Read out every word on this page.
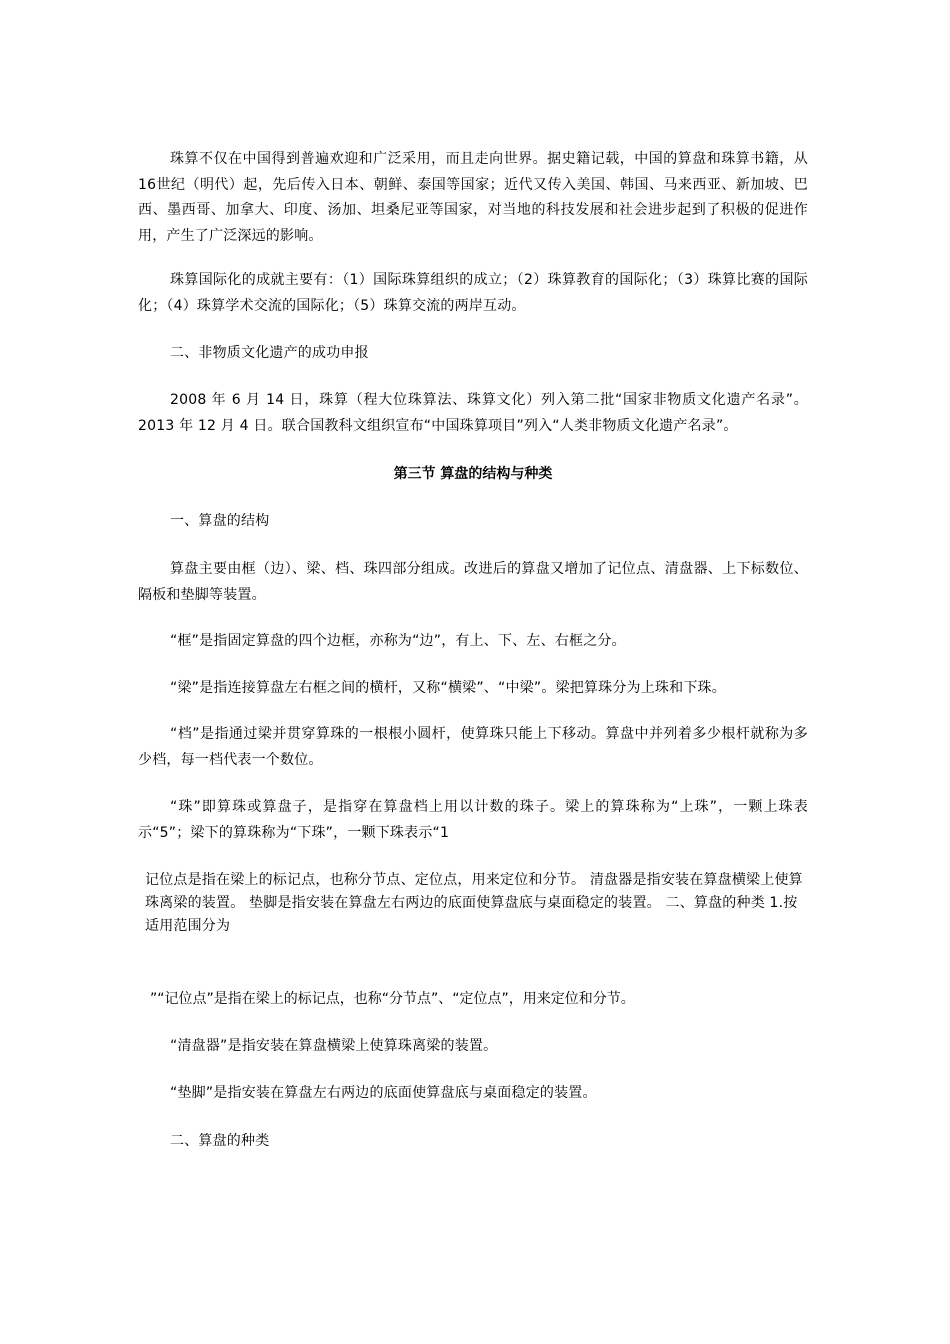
珠算不仅在中国得到普遍欢迎和广泛采用，而且走向世界。据史籍记载，中国的算盘和珠算书籍，从16世纪（明代）起，先后传入日本、朝鲜、泰国等国家；近代又传入美国、韩国、马来西亚、新加坡、巴西、墨西哥、加拿大、印度、汤加、坦桑尼亚等国家，对当地的科技发展和社会进步起到了积极的促进作用，产生了广泛深远的影响。
珠算国际化的成就主要有：（1）国际珠算组织的成立；（2）珠算教育的国际化；（3）珠算比赛的国际化；（4）珠算学术交流的国际化；（5）珠算交流的两岸互动。
二、非物质文化遗产的成功申报
2008 年 6 月 14 日，珠算（程大位珠算法、珠算文化）列入第二批“国家非物质文化遗产名录”。2013 年 12 月 4 日。联合国教科文组织宣布“中国珠算项目”列入“人类非物质文化遗产名录”。
第三节 算盘的结构与种类
一、算盘的结构
算盘主要由框（边）、梁、档、珠四部分组成。改进后的算盘又增加了记位点、清盘器、上下标数位、隔板和垫脚等装置。
“框”是指固定算盘的四个边框，亦称为“边”，有上、下、左、右框之分。
“梁”是指连接算盘左右框之间的横杆，又称“横梁”、“中梁”。梁把算珠分为上珠和下珠。
“档”是指通过梁并贯穿算珠的一根根小圆杆，使算珠只能上下移动。算盘中并列着多少根杆就称为多少档，每一档代表一个数位。
“珠”即算珠或算盘子，是指穿在算盘档上用以计数的珠子。梁上的算珠称为“上珠”，一颗上珠表示“5”；梁下的算珠称为“下珠”，一颗下珠表示“1
记位点是指在梁上的标记点，也称分节点、定位点，用来定位和分节。 清盘器是指安装在算盘横梁上使算珠离梁的装置。 垫脚是指安装在算盘左右两边的底面使算盘底与桌面稳定的装置。 二、算盘的种类 1.按适用范围分为
”“记位点”是指在梁上的标记点，也称“分节点”、“定位点”，用来定位和分节。
“清盘器”是指安装在算盘横梁上使算珠离梁的装置。
“垫脚”是指安装在算盘左右两边的底面使算盘底与桌面稳定的装置。
二、算盘的种类
